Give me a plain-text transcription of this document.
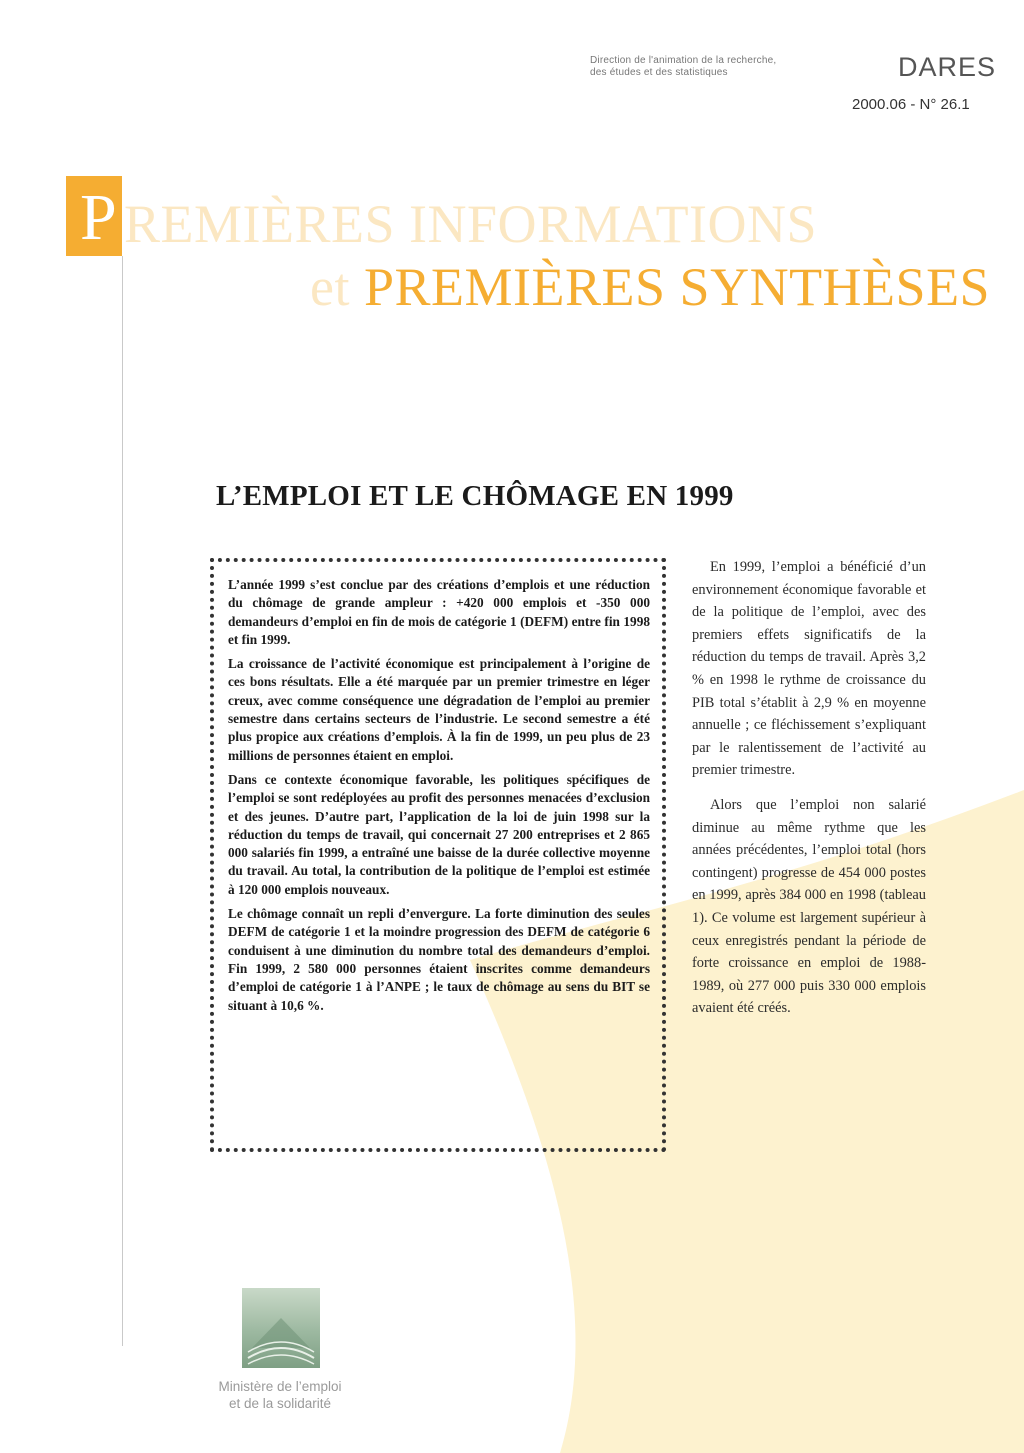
Direction de l'animation de la recherche,
des études et des statistiques	DARES
2000.06 - N° 26.1
P REMIÈRES INFORMATIONS
et PREMIÈRES SYNTHÈSES
L’EMPLOI ET LE CHÔMAGE EN 1999

L’année 1999 s’est conclue par des créations d’emplois et une réduction du chômage de grande ampleur : +420 000 emplois et -350 000 demandeurs d’emploi en fin de mois de catégorie 1 (DEFM) entre fin 1998 et fin 1999.

La croissance de l’activité économique est principalement à l’origine de ces bons résultats. Elle a été marquée par un premier trimestre en léger creux, avec comme conséquence une dégradation de l’emploi au premier semestre dans certains secteurs de l’industrie. Le second semestre a été plus propice aux créations d’emplois. À la fin de 1999, un peu plus de 23 millions de personnes étaient en emploi.

Dans ce contexte économique favorable, les politiques spécifiques de l’emploi se sont redéployées au profit des personnes menacées d’exclusion et des jeunes. D’autre part, l’application de la loi de juin 1998 sur la réduction du temps de travail, qui concernait 27 200 entreprises et 2 865 000 salariés fin 1999, a entraîné une baisse de la durée collective moyenne du travail. Au total, la contribution de la politique de l’emploi est estimée à 120 000 emplois nouveaux.

Le chômage connaît un repli d’envergure. La forte diminution des seules DEFM de catégorie 1 et la moindre progression des DEFM de catégorie 6 conduisent à une diminution du nombre total des demandeurs d’emploi. Fin 1999, 2 580 000 personnes étaient inscrites comme demandeurs d’emploi de catégorie 1 à l’ANPE ; le taux de chômage au sens du BIT se situant à 10,6 %.

En 1999, l’emploi a bénéficié d’un environnement économique favorable et de la politique de l’emploi, avec des premiers effets significatifs de la réduction du temps de travail. Après 3,2 % en 1998 le rythme de croissance du PIB total s’établit à 2,9 % en moyenne annuelle ; ce fléchissement s’expliquant par le ralentissement de l’activité au premier trimestre.

Alors que l’emploi non salarié diminue au même rythme que les années précédentes, l’emploi total (hors contingent) progresse de 454 000 postes en 1999, après 384 000 en 1998 (tableau 1). Ce volume est largement supérieur à ceux enregistrés pendant la période de forte croissance en emploi de 1988-1989, où 277 000 puis 330 000 emplois avaient été créés.

Ministère de l’emploi
et de la solidarité
